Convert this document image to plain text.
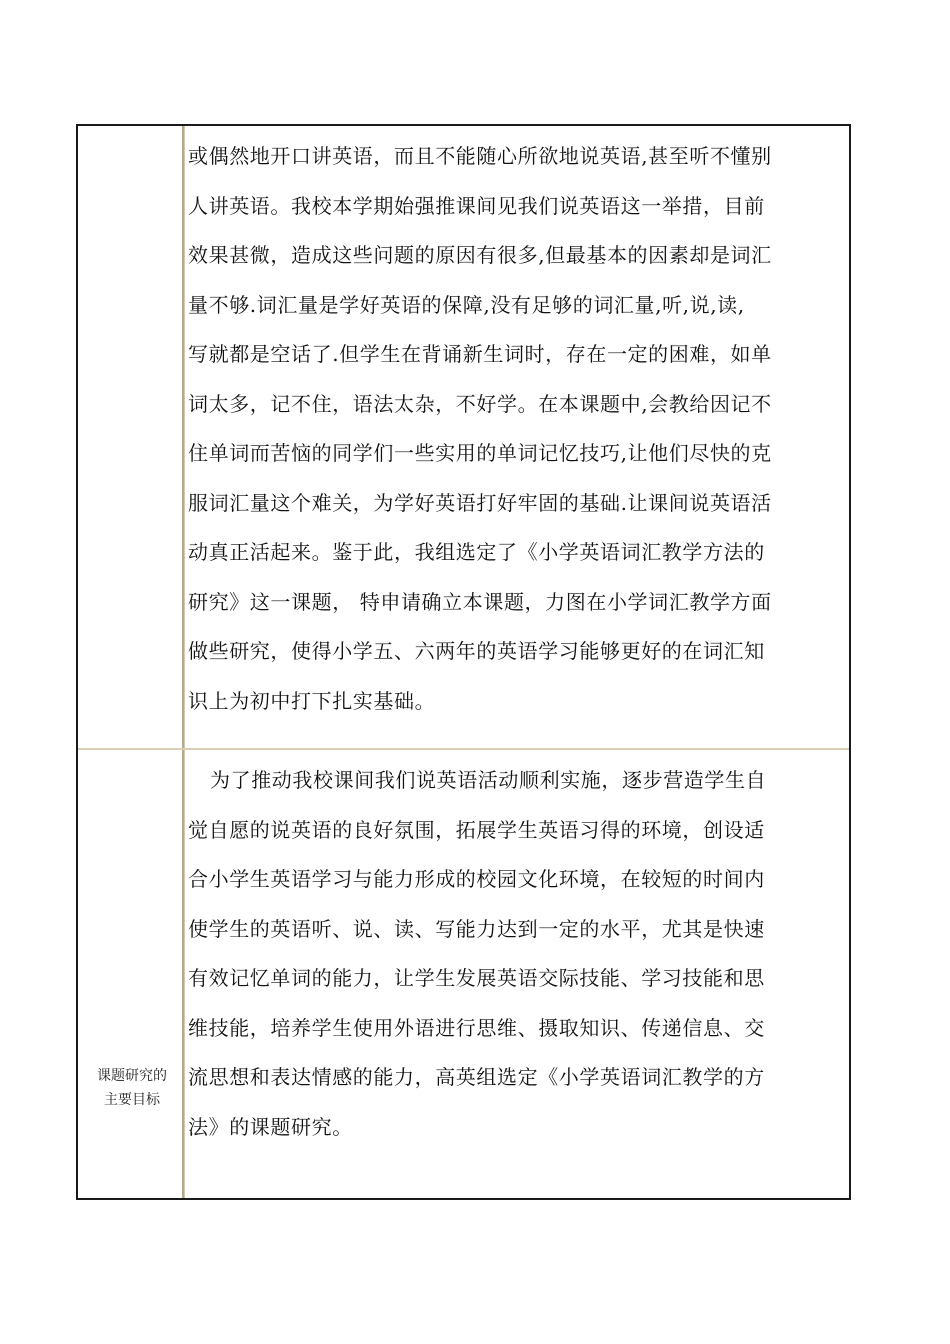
或偶然地开口讲英语，而且不能随心所欲地说英语,甚至听不懂别
人讲英语。我校本学期始强推课间见我们说英语这一举措，目前
效果甚微，造成这些问题的原因有很多,但最基本的因素却是词汇
量不够.词汇量是学好英语的保障,没有足够的词汇量,听,说,读,
写就都是空话了.但学生在背诵新生词时，存在一定的困难，如单
词太多，记不住，语法太杂，不好学。在本课题中,会教给因记不
住单词而苦恼的同学们一些实用的单词记忆技巧,让他们尽快的克
服词汇量这个难关，为学好英语打好牢固的基础.让课间说英语活
动真正活起来。鉴于此，我组选定了《小学英语词汇教学方法的
研究》这一课题， 特申请确立本课题，力图在小学词汇教学方面
做些研究，使得小学五、六两年的英语学习能够更好的在词汇知
识上为初中打下扎实基础。
课题研究的
主要目标
为了推动我校课间我们说英语活动顺利实施，逐步营造学生自
觉自愿的说英语的良好氛围，拓展学生英语习得的环境，创设适
合小学生英语学习与能力形成的校园文化环境，在较短的时间内
使学生的英语听、说、读、写能力达到一定的水平，尤其是快速
有效记忆单词的能力，让学生发展英语交际技能、学习技能和思
维技能，培养学生使用外语进行思维、摄取知识、传递信息、交
流思想和表达情感的能力，高英组选定《小学英语词汇教学的方
法》的课题研究。
